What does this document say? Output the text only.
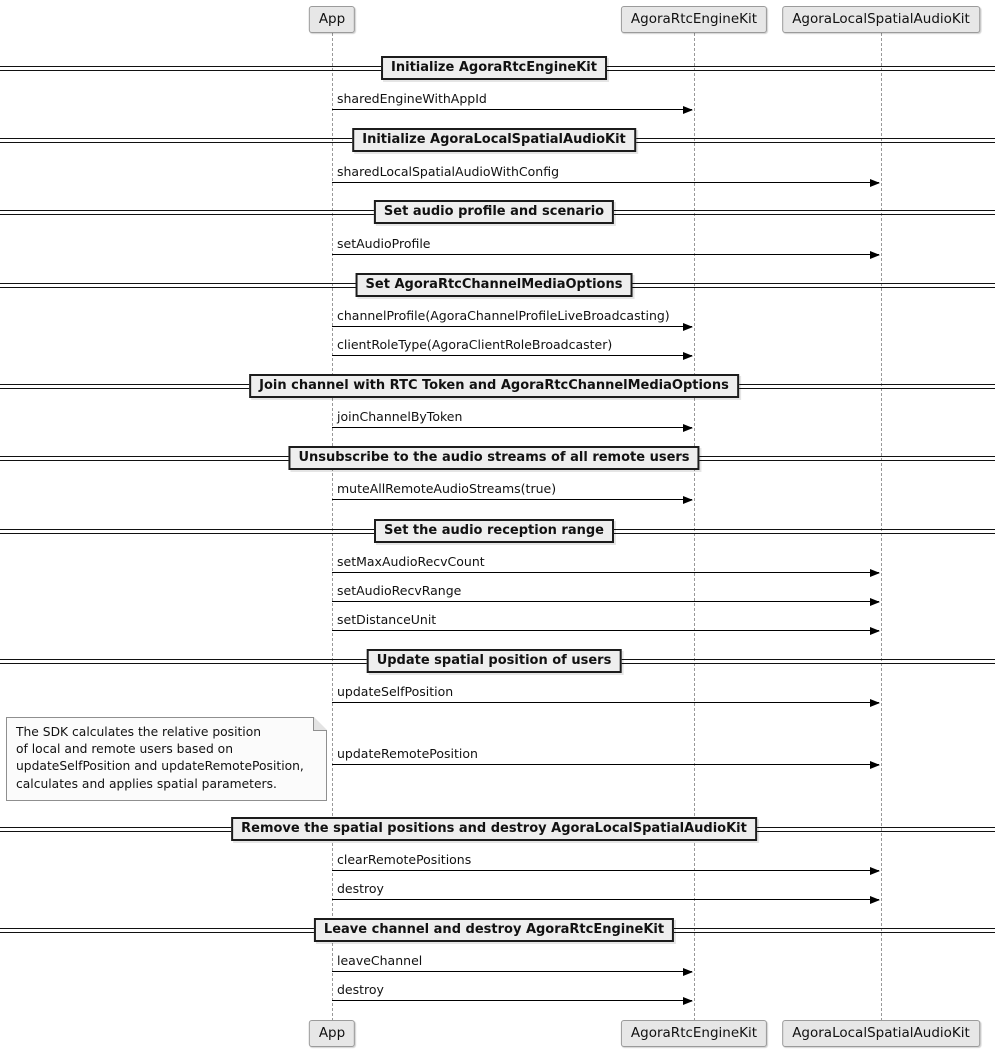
The SDK calculates the relative position
of local and remote users based on
updateSelfPosition and updateRemotePosition,
calculates and applies spatial parameters.
App
App
AgoraRtcEngineKit
AgoraRtcEngineKit
AgoraLocalSpatialAudioKit
AgoraLocalSpatialAudioKit
Initialize AgoraRtcEngineKit
sharedEngineWithAppId
Initialize AgoraLocalSpatialAudioKit
sharedLocalSpatialAudioWithConfig
Set audio profile and scenario
setAudioProfile
Set AgoraRtcChannelMediaOptions
channelProfile(AgoraChannelProfileLiveBroadcasting)
clientRoleType(AgoraClientRoleBroadcaster)
Join channel with RTC Token and AgoraRtcChannelMediaOptions
joinChannelByToken
Unsubscribe to the audio streams of all remote users
muteAllRemoteAudioStreams(true)
Set the audio reception range
setMaxAudioRecvCount
setAudioRecvRange
setDistanceUnit
Update spatial position of users
updateSelfPosition
updateRemotePosition
Remove the spatial positions and destroy AgoraLocalSpatialAudioKit
clearRemotePositions
destroy
Leave channel and destroy AgoraRtcEngineKit
leaveChannel
destroy
